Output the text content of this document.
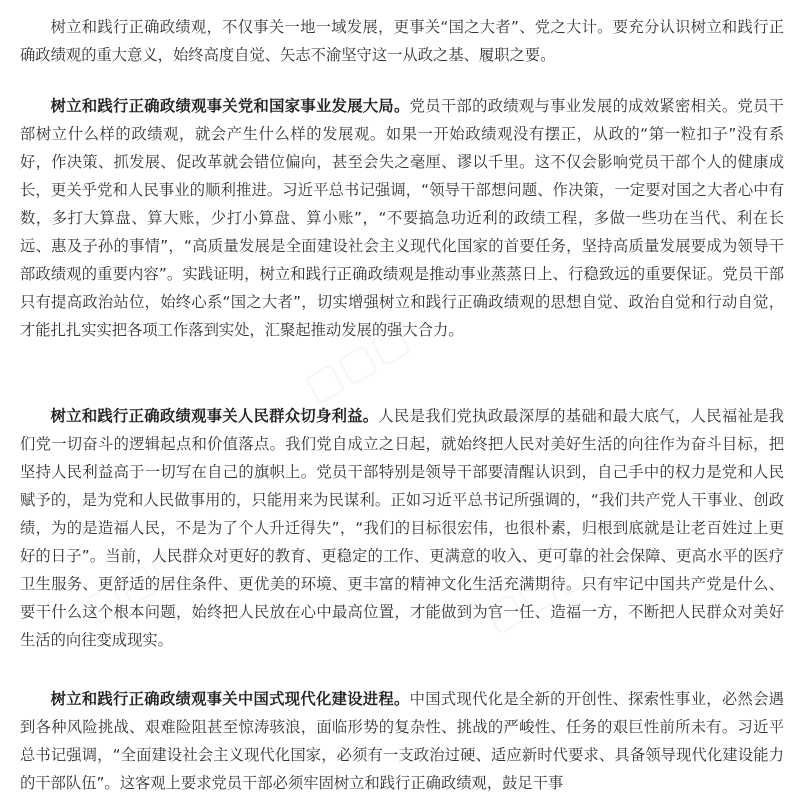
树立和践行正确政绩观，不仅事关一地一域发展，更事关“国之大者”、党之大计。要充分认识树立和践行正确政绩观的重大意义，始终高度自觉、矢志不渝坚守这一从政之基、履职之要。

树立和践行正确政绩观事关党和国家事业发展大局。党员干部的政绩观与事业发展的成效紧密相关。党员干部树立什么样的政绩观，就会产生什么样的发展观。如果一开始政绩观没有摆正，从政的“第一粒扣子”没有系好，作决策、抓发展、促改革就会错位偏向，甚至会失之毫厘、谬以千里。这不仅会影响党员干部个人的健康成长，更关乎党和人民事业的顺利推进。习近平总书记强调，“领导干部想问题、作决策，一定要对国之大者心中有数，多打大算盘、算大账，少打小算盘、算小账”，“不要搞急功近利的政绩工程，多做一些功在当代、利在长远、惠及子孙的事情”，“高质量发展是全面建设社会主义现代化国家的首要任务，坚持高质量发展要成为领导干部政绩观的重要内容”。实践证明，树立和践行正确政绩观是推动事业蒸蒸日上、行稳致远的重要保证。党员干部只有提高政治站位，始终心系“国之大者”，切实增强树立和践行正确政绩观的思想自觉、政治自觉和行动自觉，才能扎扎实实把各项工作落到实处，汇聚起推动发展的强大合力。

树立和践行正确政绩观事关人民群众切身利益。人民是我们党执政最深厚的基础和最大底气，人民福祉是我们党一切奋斗的逻辑起点和价值落点。我们党自成立之日起，就始终把人民对美好生活的向往作为奋斗目标，把坚持人民利益高于一切写在自己的旗帜上。党员干部特别是领导干部要清醒认识到，自己手中的权力是党和人民赋予的，是为党和人民做事用的，只能用来为民谋利。正如习近平总书记所强调的，“我们共产党人干事业、创政绩，为的是造福人民，不是为了个人升迁得失”，“我们的目标很宏伟，也很朴素，归根到底就是让老百姓过上更好的日子”。当前，人民群众对更好的教育、更稳定的工作、更满意的收入、更可靠的社会保障、更高水平的医疗卫生服务、更舒适的居住条件、更优美的环境、更丰富的精神文化生活充满期待。只有牢记中国共产党是什么、要干什么这个根本问题，始终把人民放在心中最高位置，才能做到为官一任、造福一方，不断把人民群众对美好生活的向往变成现实。

树立和践行正确政绩观事关中国式现代化建设进程。中国式现代化是全新的开创性、探索性事业，必然会遇到各种风险挑战、艰难险阻甚至惊涛骇浪，面临形势的复杂性、挑战的严峻性、任务的艰巨性前所未有。习近平总书记强调，“全面建设社会主义现代化国家，必须有一支政治过硬、适应新时代要求、具备领导现代化建设能力的干部队伍”。这客观上要求党员干部必须牢固树立和践行正确政绩观，鼓足干事
